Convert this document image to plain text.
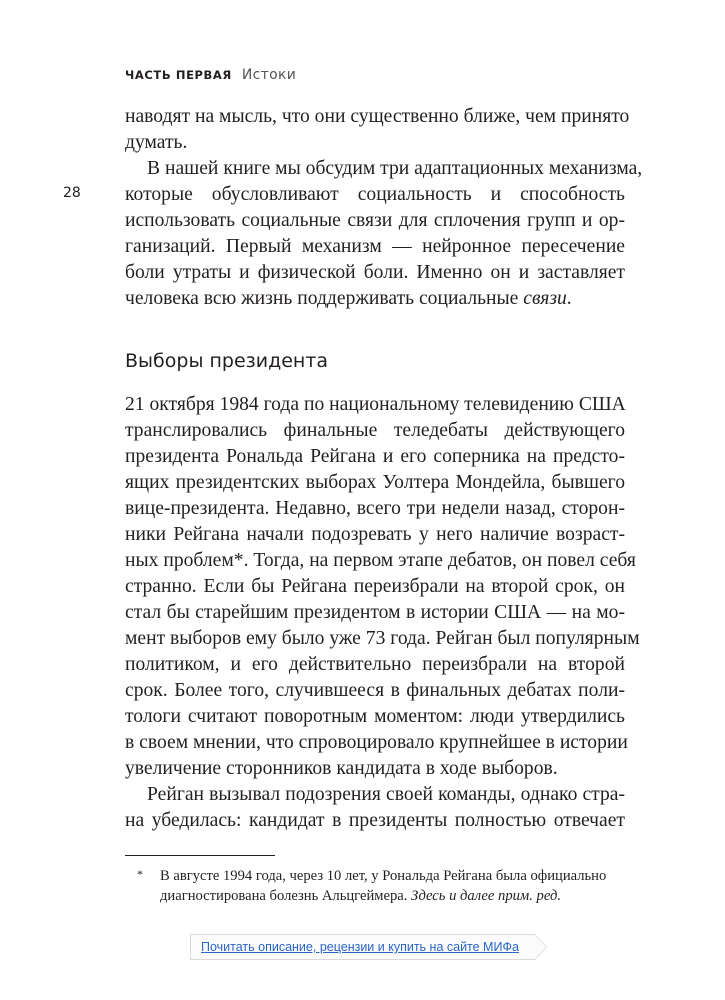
ЧАСТЬ ПЕРВАЯ Истоки
28
наводят на мысль, что они существенно ближе, чем принято
думать.
В нашей книге мы обсудим три адаптационных механизма,
которые обусловливают социальность и способность
использовать социальные связи для сплочения групп и ор-
ганизаций. Первый механизм — нейронное пересечение
боли утраты и физической боли. Именно он и заставляет
человека всю жизнь поддерживать социальные связи.
Выборы президента
21 октября 1984 года по национальному телевидению США
транслировались финальные теледебаты действующего
президента Рональда Рейгана и его соперника на предсто-
ящих президентских выборах Уолтера Мондейла, бывшего
вице-президента. Недавно, всего три недели назад, сторон-
ники Рейгана начали подозревать у него наличие возраст-
ных проблем*. Тогда, на первом этапе дебатов, он повел себя
странно. Если бы Рейгана переизбрали на второй срок, он
стал бы старейшим президентом в истории США — на мо-
мент выборов ему было уже 73 года. Рейган был популярным
политиком, и его действительно переизбрали на второй
срок. Более того, случившееся в финальных дебатах поли-
тологи считают поворотным моментом: люди утвердились
в своем мнении, что спровоцировало крупнейшее в истории
увеличение сторонников кандидата в ходе выборов.
Рейган вызывал подозрения своей команды, однако стра-
на убедилась: кандидат в президенты полностью отвечает
*	В августе 1994 года, через 10 лет, у Рональда Рейгана была официально
диагностирована болезнь Альцгеймера. Здесь и далее прим. ред.
Почитать описание, рецензии и купить на сайте МИФа
